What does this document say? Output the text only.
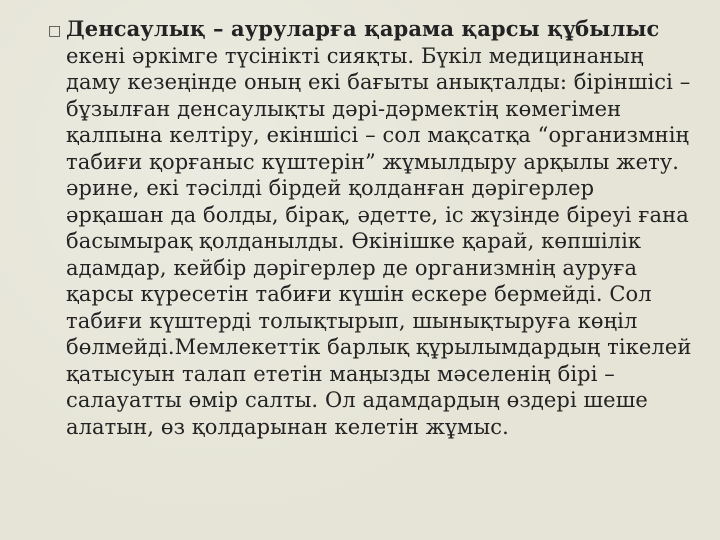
□ Денсаулық – ауруларға қарама қарсы құбылыс екені әркімге түсінікті сияқты. Бүкіл медицинаның даму кезеңінде оның екі бағыты анықталды: біріншісі – бұзылған денсаулықты дәрі-дәрмектің көмегімен қалпына келтіру, екіншісі – сол мақсатқа “организмнің табиғи қорғаныс күштерін” жұмылдыру арқылы жету. әрине, екі тәсілді бірдей қолданған дәрігерлер әрқашан да болды, бірақ, әдетте, іс жүзінде біреуі ғана басымырақ қолданылды. Өкінішке қарай, көпшілік адамдар, кейбір дәрігерлер де организмнің ауруға қарсы күресетін табиғи күшін ескере бермейді. Сол табиғи күштерді толықтырып, шынықтыруға көңіл бөлмейді.Мемлекеттік барлық құрылымдардың тікелей қатысуын талап ететін маңызды мәселенің бірі – салауатты өмір салты. Ол адамдардың өздері шеше алатын, өз қолдарынан келетін жұмыс.
